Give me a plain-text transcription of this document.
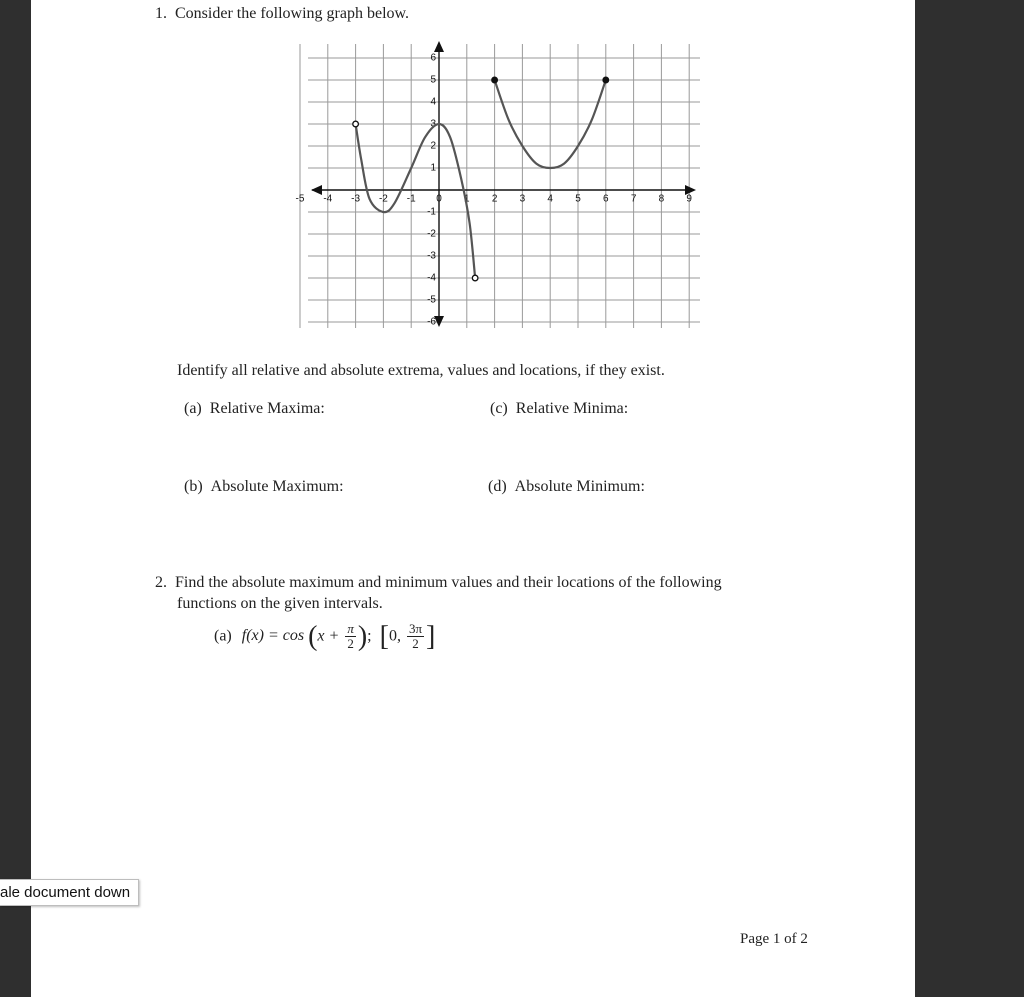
1. Consider the following graph below.
-5 -4 -3 -2 -1 0 1 2 3 4 5 6 7 8 9
6
5
4
3
2
1
-1
-2
-3
-4
-5
-6
Identify all relative and absolute extrema, values and locations, if they exist.
(a) Relative Maxima:	(c) Relative Minima:
(b) Absolute Maximum:	(d) Absolute Minimum:
2. Find the absolute maximum and minimum values and their locations of the following
functions on the given intervals.
(a) $f(x) = \cos (x + \frac{\pi}{2}$ ); [0, $\frac{3\pi}{2}$ ]
Page 1 of 2
ale document down
